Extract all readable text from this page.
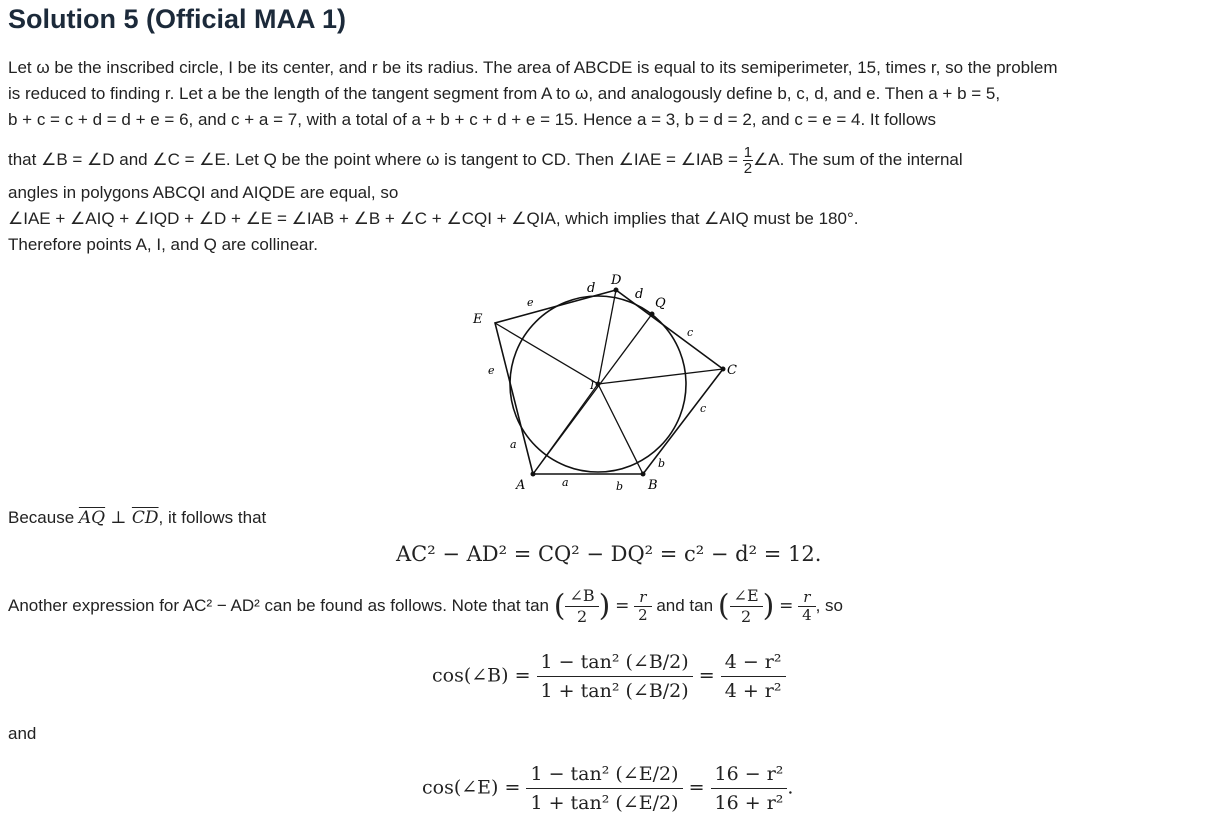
Solution 5 (Official MAA 1)
Let ω be the inscribed circle, I be its center, and r be its radius. The area of ABCDE is equal to its semiperimeter, 15, times r, so the problem
is reduced to finding r. Let a be the length of the tangent segment from A to ω, and analogously define b, c, d, and e. Then a + b = 5,
b + c = c + d = d + e = 6, and c + a = 7, with a total of a + b + c + d + e = 15. Hence a = 3, b = d = 2, and c = e = 4. It follows
that ∠B = ∠D and ∠C = ∠E. Let Q be the point where ω is tangent to CD. Then ∠IAE = ∠IAB = $\frac{1}{2}$ ∠A. The sum of the internal
angles in polygons ABCQI and AIQDE are equal, so
∠IAE + ∠AIQ + ∠IQD + ∠D + ∠E = ∠IAB + ∠B + ∠C + ∠CQI + ∠QIA, which implies that ∠AIQ must be 180°.
Therefore points A, I, and Q are collinear.
A	B
C
D
E
I
Q
a
a	b
b
c
c
d	d
e
e
Because $\overline{AQ}$ ⊥ $\overline{CD}$, it follows that
AC² − AD² = CQ² − DQ² = c² − d² = 12.
Another expression for AC² − AD² can be found as follows. Note that tan ( $\frac{\angle B}{2}$ ) = $\frac{r}{2}$ and tan ( $\frac{\angle E}{2}$ ) = $\frac{r}{4}$ , so
cos(∠B) = $\frac{\text{1 − tan² (∠B/2)}}{\text{1 + tan² (∠B/2)}} = \frac{\text{4 − r²}}{\text{4 + r²}}$
and
cos(∠E) = $\frac{\text{1 − tan² (∠E/2)}}{\text{1 + tan² (∠E/2)}} = \frac{\text{16 − r²}}{\text{16 + r²}}$ .
